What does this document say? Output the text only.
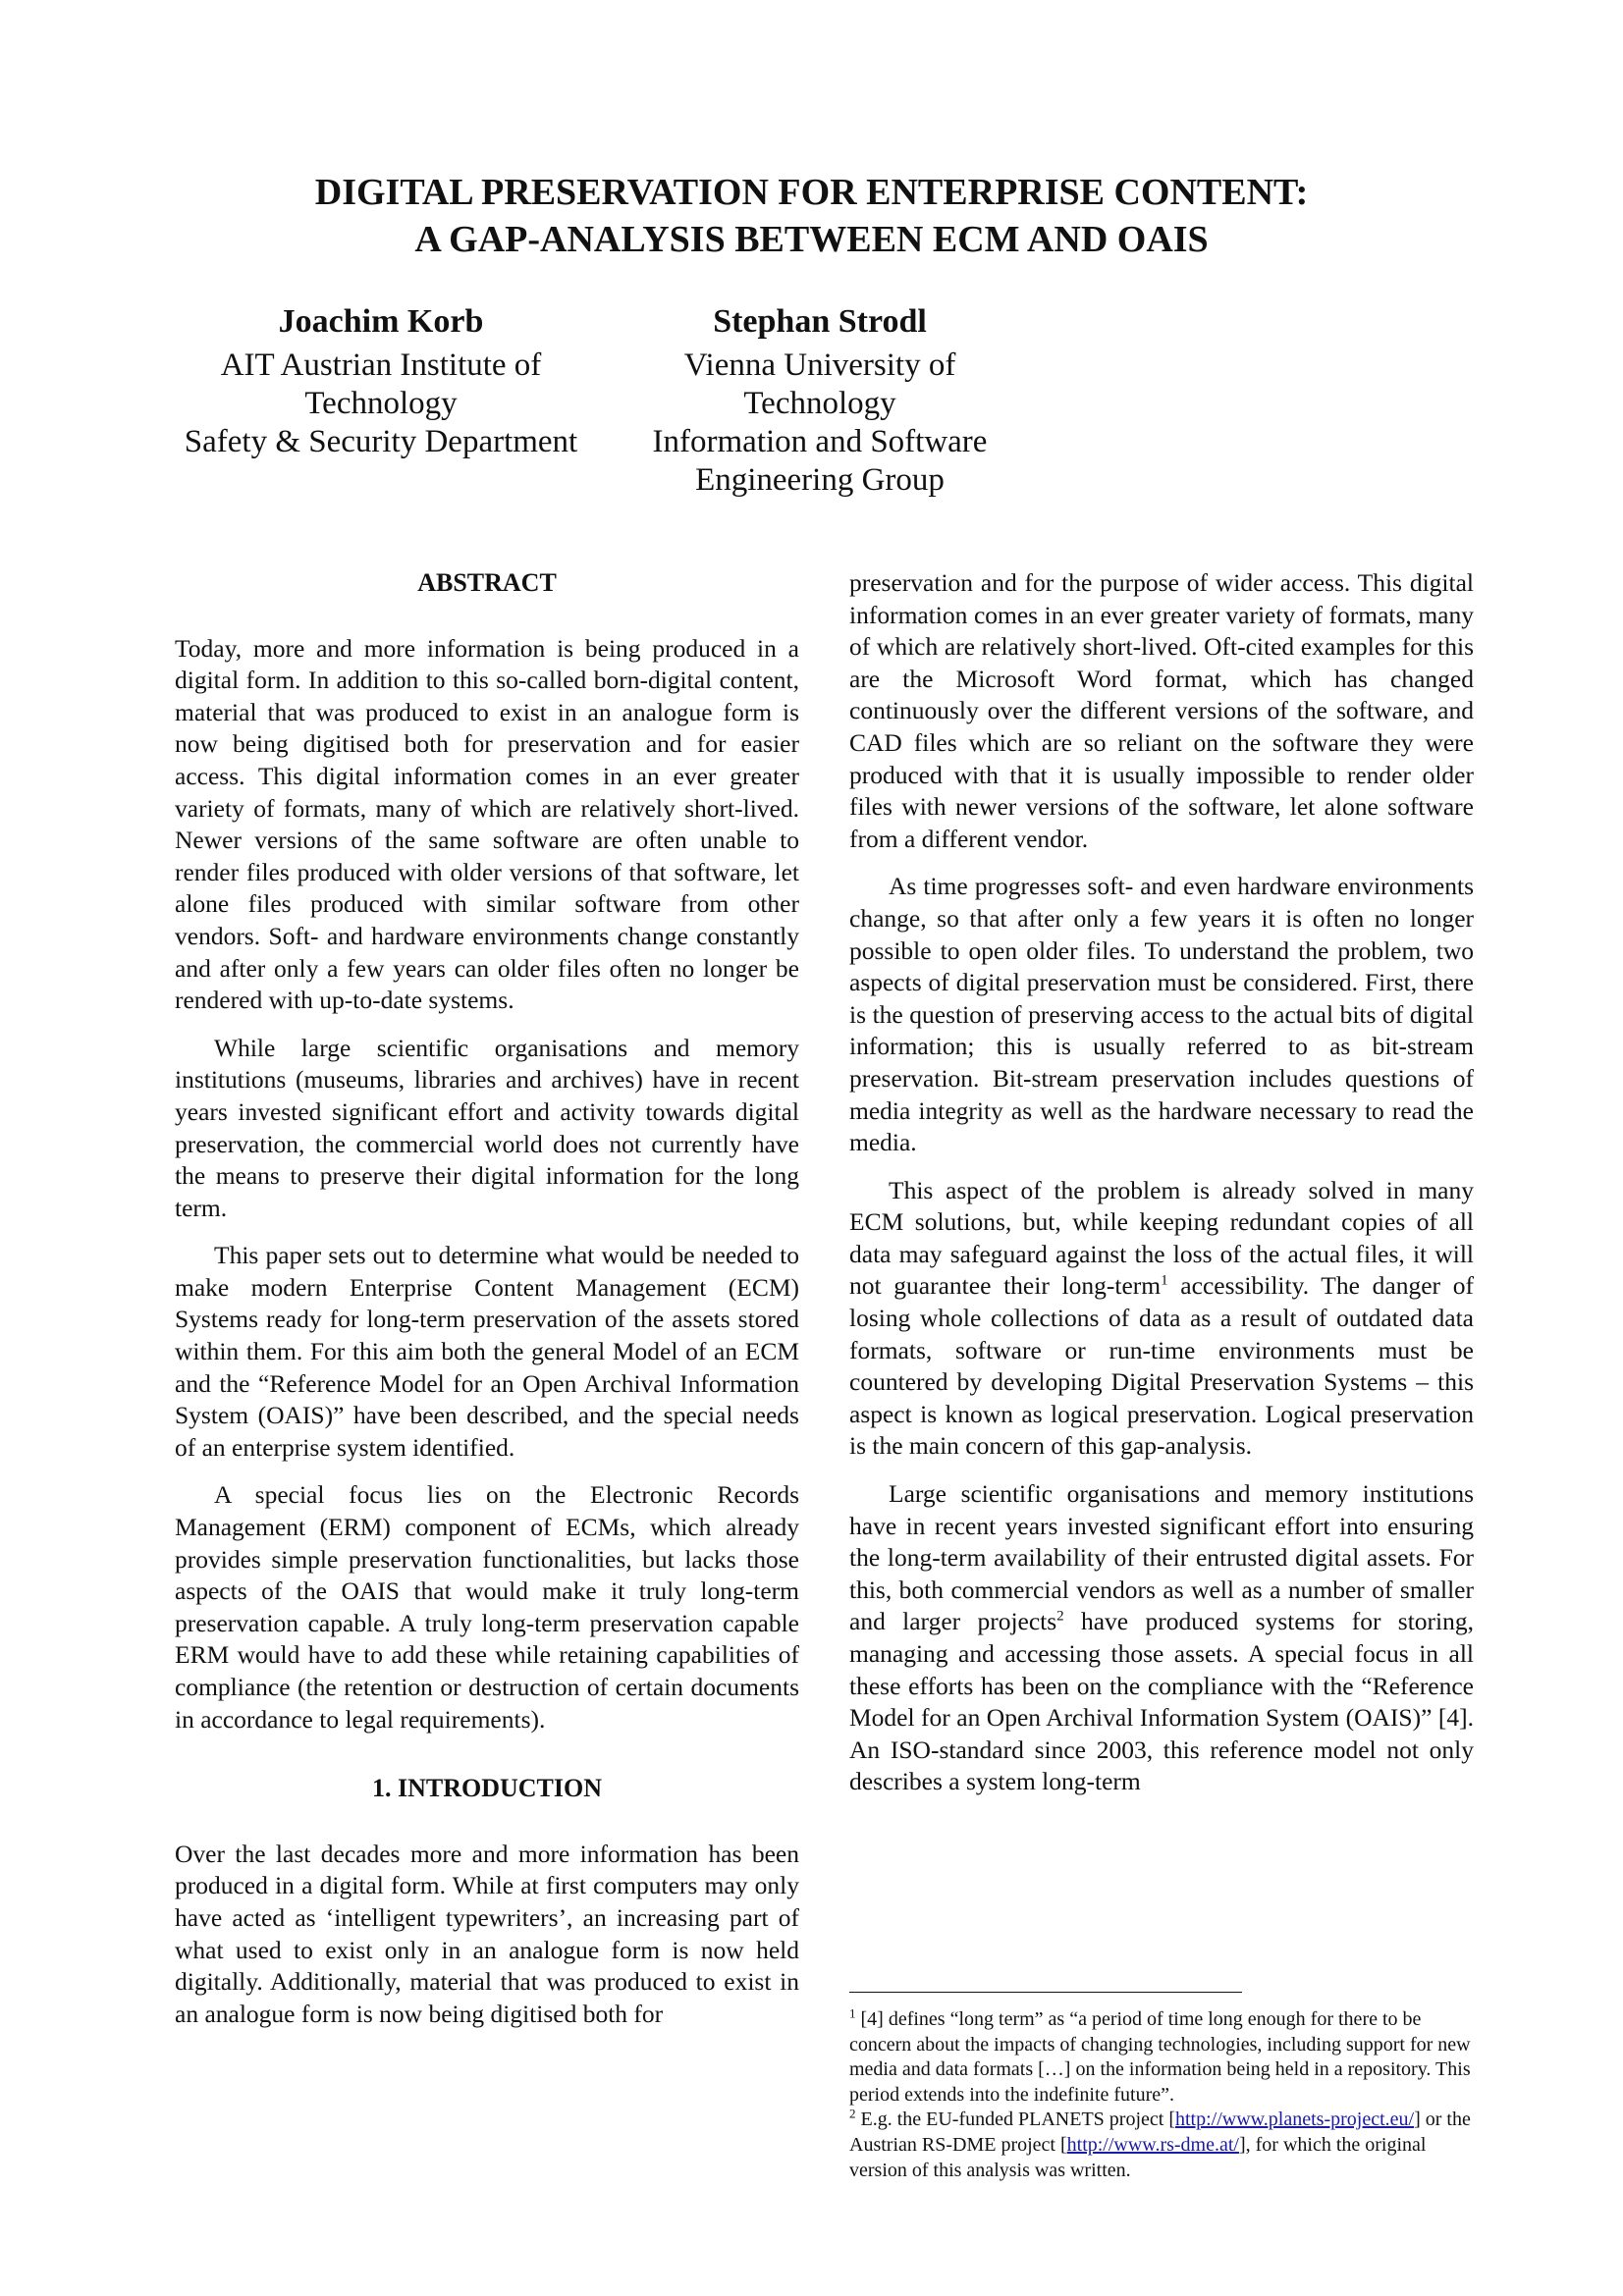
DIGITAL PRESERVATION FOR ENTERPRISE CONTENT:
A GAP-ANALYSIS BETWEEN ECM AND OAIS
Joachim Korb
AIT Austrian Institute of
Technology
Safety & Security Department
Stephan Strodl
Vienna University of
Technology
Information and Software
Engineering Group
ABSTRACT

Today, more and more information is being produced in a digital form. In addition to this so-called born-digital content, material that was produced to exist in an analogue form is now being digitised both for preservation and for easier access. This digital information comes in an ever greater variety of formats, many of which are relatively short-lived. Newer versions of the same software are often unable to render files produced with older versions of that software, let alone files produced with similar software from other vendors. Soft- and hardware environments change constantly and after only a few years can older files often no longer be rendered with up-to-date systems.

While large scientific organisations and memory institutions (museums, libraries and archives) have in recent years invested significant effort and activity towards digital preservation, the commercial world does not currently have the means to preserve their digital information for the long term.

This paper sets out to determine what would be needed to make modern Enterprise Content Management (ECM) Systems ready for long-term preservation of the assets stored within them. For this aim both the general Model of an ECM and the “Reference Model for an Open Archival Information System (OAIS)” have been described, and the special needs of an enterprise system identified.

A special focus lies on the Electronic Records Management (ERM) component of ECMs, which already provides simple preservation functionalities, but lacks those aspects of the OAIS that would make it truly long-term preservation capable. A truly long-term preservation capable ERM would have to add these while retaining capabilities of compliance (the retention or destruction of certain documents in accordance to legal requirements).

1. INTRODUCTION

Over the last decades more and more information has been produced in a digital form. While at first computers may only have acted as ‘intelligent typewriters’, an increasing part of what used to exist only in an analogue form is now held digitally. Additionally, material that was produced to exist in an analogue form is now being digitised both for

preservation and for the purpose of wider access. This digital information comes in an ever greater variety of formats, many of which are relatively short-lived. Oft-cited examples for this are the Microsoft Word format, which has changed continuously over the different versions of the software, and CAD files which are so reliant on the software they were produced with that it is usually impossible to render older files with newer versions of the software, let alone software from a different vendor.

As time progresses soft- and even hardware environments change, so that after only a few years it is often no longer possible to open older files. To understand the problem, two aspects of digital preservation must be considered. First, there is the question of preserving access to the actual bits of digital information; this is usually referred to as bit-stream preservation. Bit-stream preservation includes questions of media integrity as well as the hardware necessary to read the media.

This aspect of the problem is already solved in many ECM solutions, but, while keeping redundant copies of all data may safeguard against the loss of the actual files, it will not guarantee their long-term$^1$ accessibility. The danger of losing whole collections of data as a result of outdated data formats, software or run-time environments must be countered by developing Digital Preservation Systems – this aspect is known as logical preservation. Logical preservation is the main concern of this gap-analysis.

Large scientific organisations and memory institutions have in recent years invested significant effort into ensuring the long-term availability of their entrusted digital assets. For this, both commercial vendors as well as a number of smaller and larger projects$^2$ have produced systems for storing, managing and accessing those assets. A special focus in all these efforts has been on the compliance with the “Reference Model for an Open Archival Information System (OAIS)” [4]. An ISO-standard since 2003, this reference model not only describes a system long-term

$^1$ [4] defines “long term” as “a period of time long enough for there to be concern about the impacts of changing technologies, including support for new media and data formats […] on the information being held in a repository. This period extends into the indefinite future”.

$^2$ E.g. the EU-funded PLANETS project [http://www.planets-project.eu/] or the Austrian RS-DME project [http://www.rs-dme.at/], for which the original version of this analysis was written.
